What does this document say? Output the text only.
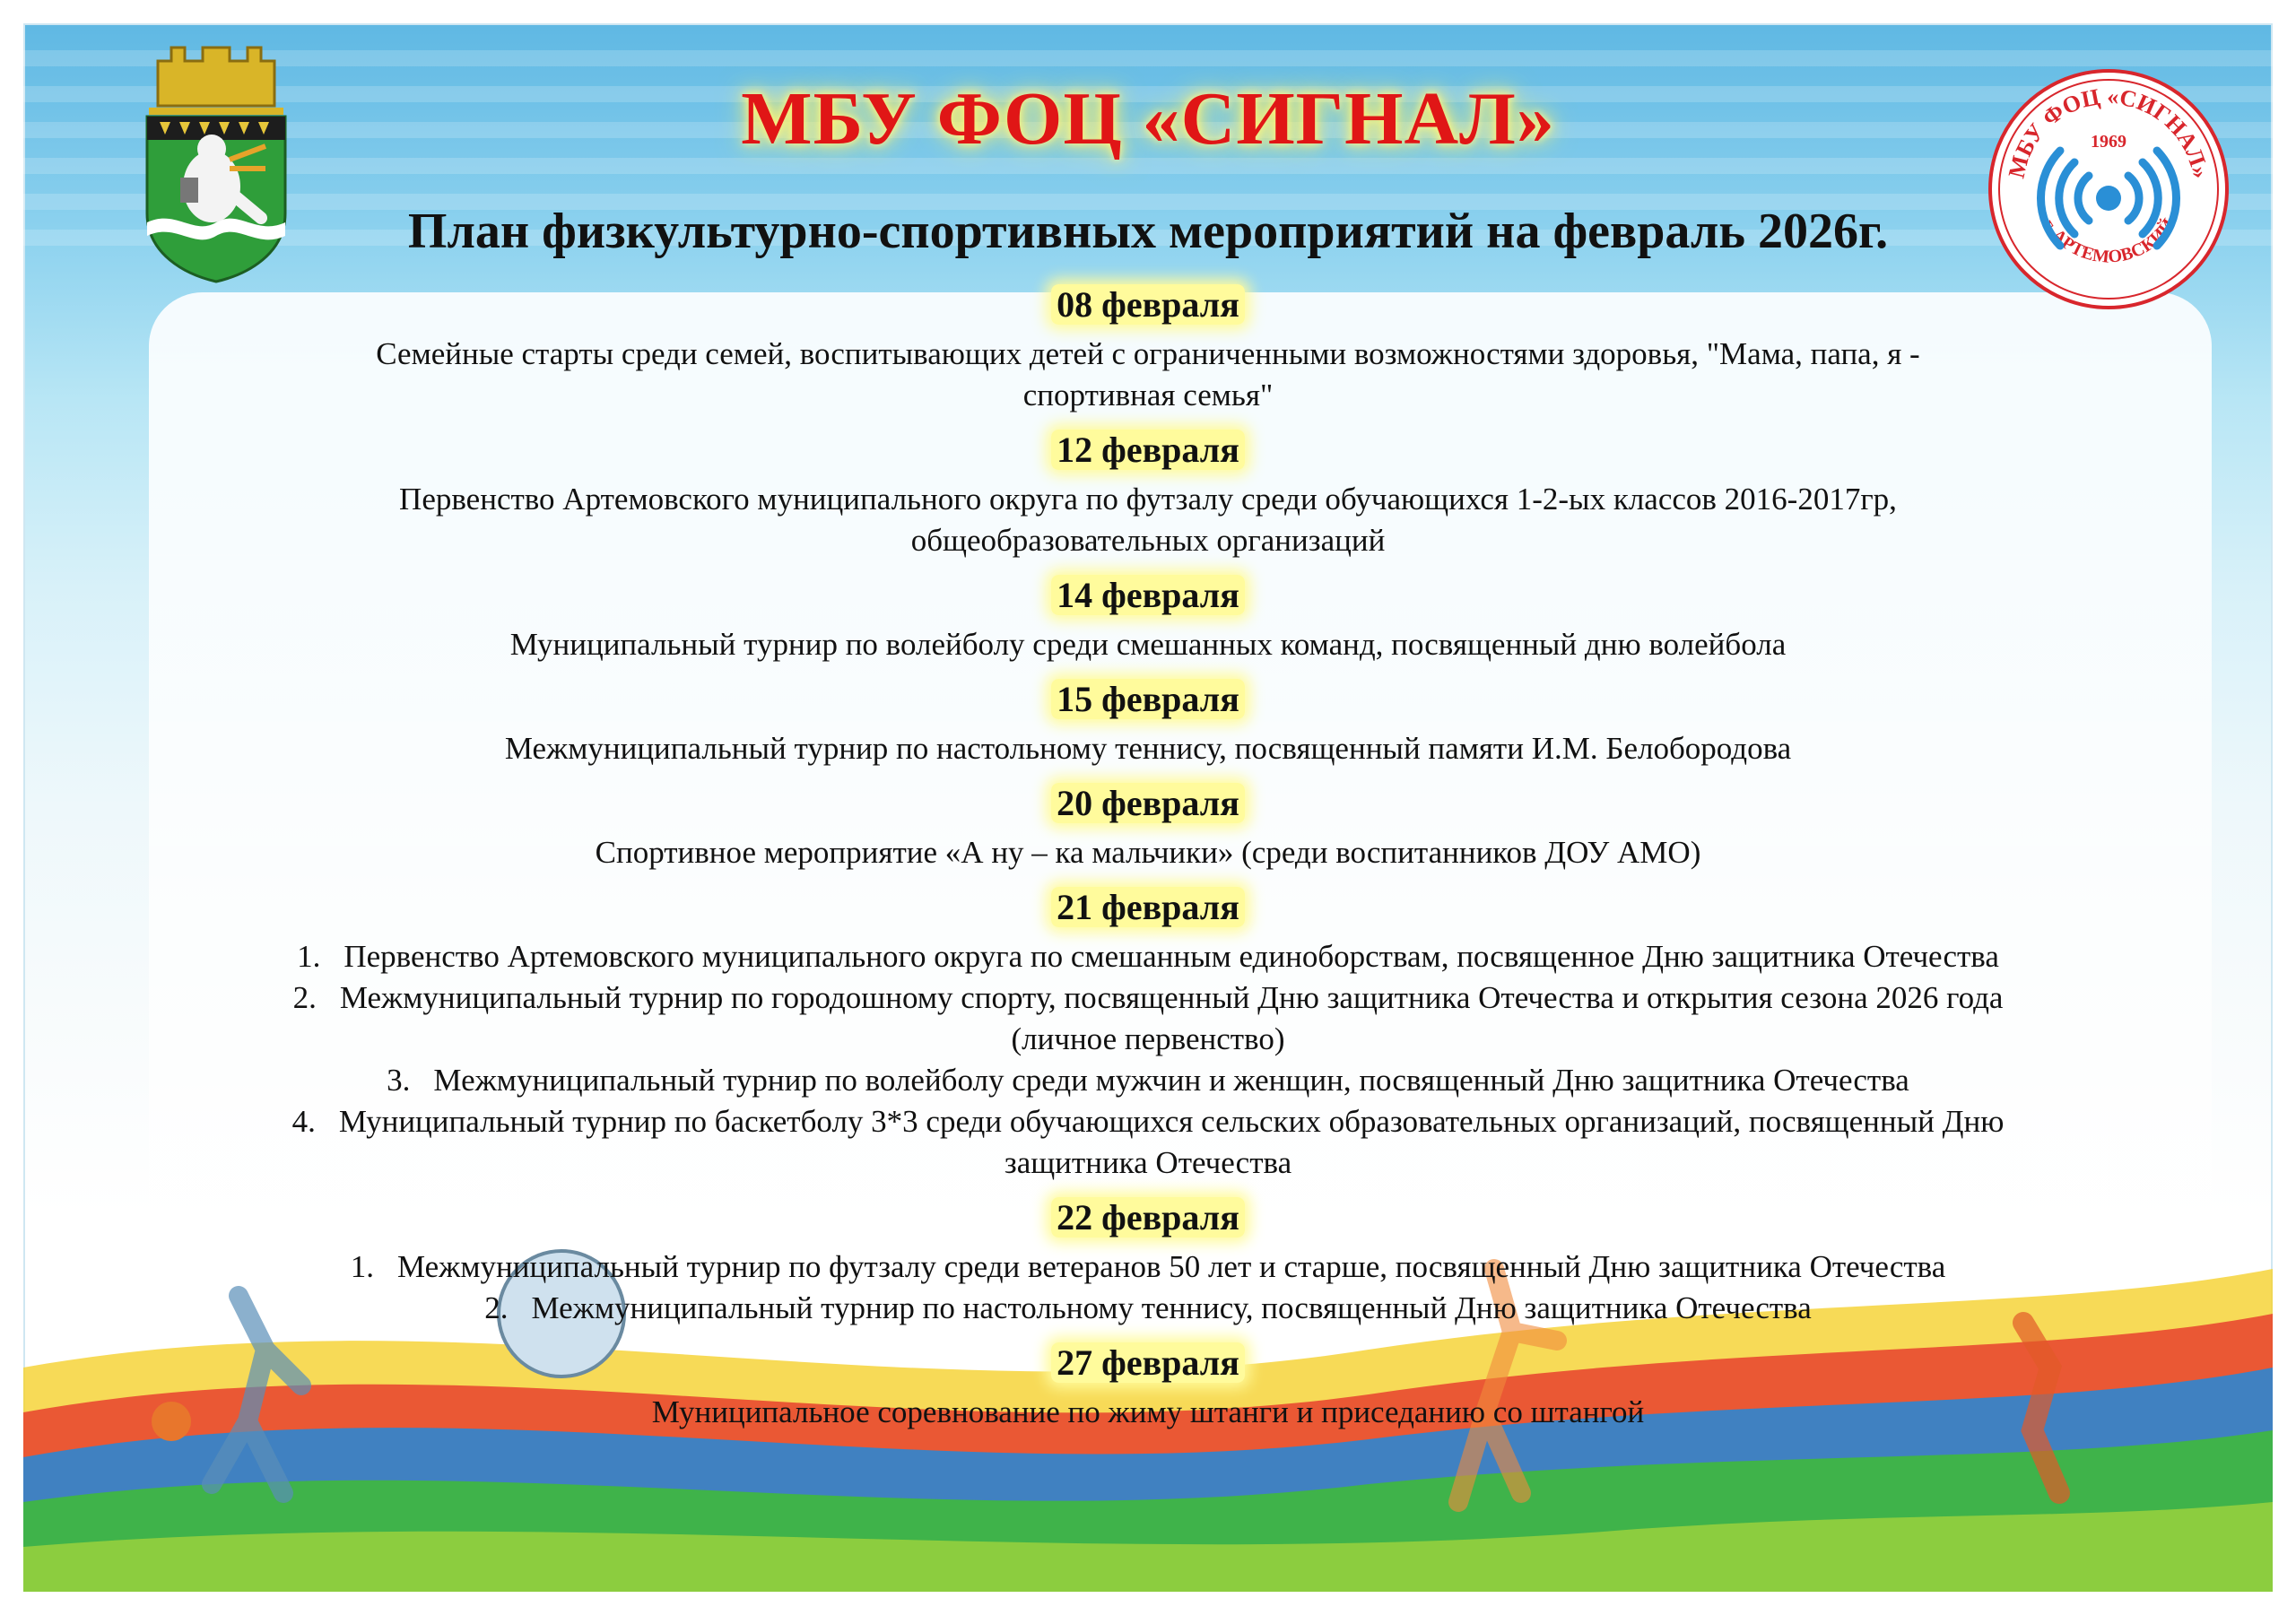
МБУ ФОЦ «СИГНАЛ»
План физкультурно-спортивных мероприятий на февраль 2026г.

08 февраля

Семейные старты среди семей, воспитывающих детей с ограниченными возможностями здоровья, "Мама, папа, я -
спортивная семья"

12 февраля

Первенство Артемовского муниципального округа по футзалу среди обучающихся 1-2-ых классов 2016-2017гр,
общеобразовательных организаций

14 февраля

Муниципальный турнир по волейболу среди смешанных команд, посвященный дню волейбола

15 февраля

Межмуниципальный турнир по настольному теннису, посвященный памяти И.М. Белобородова

20 февраля

Спортивное мероприятие «А ну – ка мальчики» (среди воспитанников ДОУ АМО)

21 февраля

1. Первенство Артемовского муниципального округа по смешанным единоборствам, посвященное Дню защитника Отечества
2. Межмуниципальный турнир по городошному спорту, посвященный Дню защитника Отечества и открытия сезона 2026 года
(личное первенство)
3. Межмуниципальный турнир по волейболу среди мужчин и женщин, посвященный Дню защитника Отечества
4. Муниципальный турнир по баскетболу 3*3 среди обучающихся сельских образовательных организаций, посвященный Дню
защитника Отечества

22 февраля

1. Межмуниципальный турнир по футзалу среди ветеранов 50 лет и старше, посвященный Дню защитника Отечества
2. Межмуниципальный турнир по настольному теннису, посвященный Дню защитника Отечества

27 февраля

Муниципальное соревнование по жиму штанги и приседанию со штангой
МБУ ФОЦ «СИГНАЛ»
1969
г. АРТЕМОВСКИЙ
